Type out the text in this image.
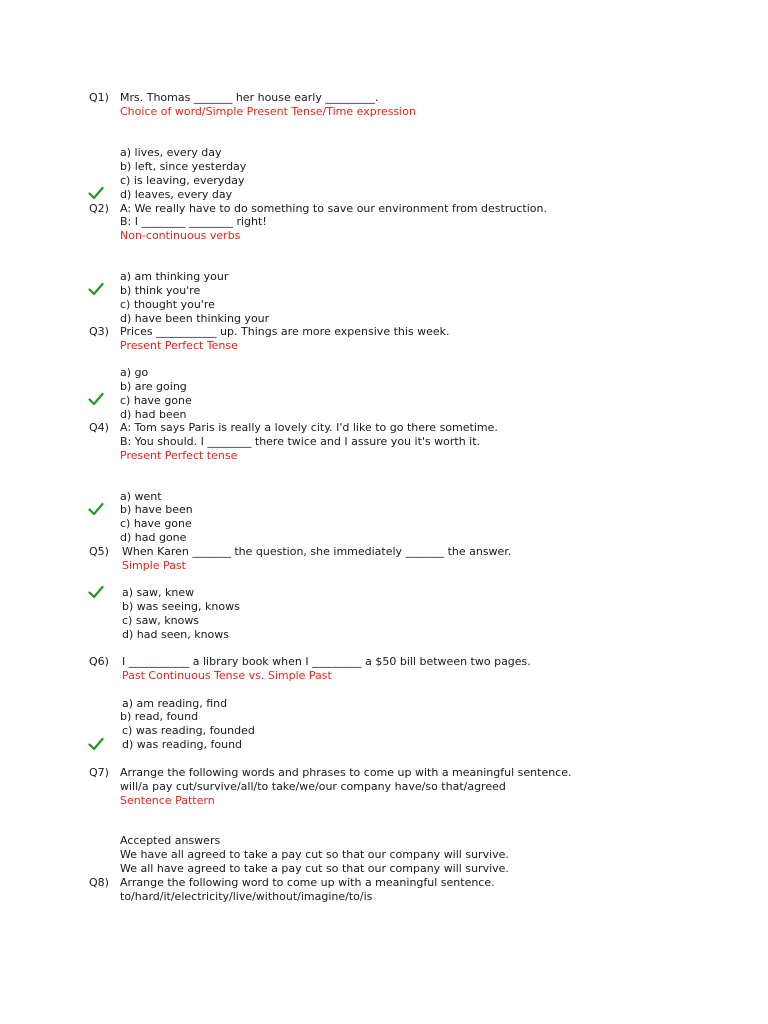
Q1) Mrs. Thomas _______ her house early _________.
Choice of word/Simple Present Tense/Time expression
a) lives, every day
b) left, since yesterday
c) is leaving, everyday
d) leaves, every day
Q2) A: We really have to do something to save our environment from destruction.
B: I ________ ________ right!
Non-continuous verbs
a) am thinking your
b) think you're
c) thought you're
d) have been thinking your
Q3) Prices ___________ up. Things are more expensive this week.
Present Perfect Tense
a) go
b) are going
c) have gone
d) had been
Q4) A: Tom says Paris is really a lovely city. I'd like to go there sometime.
B: You should. I ________ there twice and I assure you it's worth it.
Present Perfect tense
a) went
b) have been
c) have gone
d) had gone
Q5) When Karen _______ the question, she immediately _______ the answer.
Simple Past
a) saw, knew
b) was seeing, knows
c) saw, knows
d) had seen, knows
Q6) I ___________ a library book when I _________ a $50 bill between two pages.
Past Continuous Tense vs. Simple Past
a) am reading, find
b) read, found
c) was reading, founded
d) was reading, found
Q7) Arrange the following words and phrases to come up with a meaningful sentence.
will/a pay cut/survive/all/to take/we/our company have/so that/agreed
Sentence Pattern
Accepted answers
We have all agreed to take a pay cut so that our company will survive.
We all have agreed to take a pay cut so that our company will survive.
Q8) Arrange the following word to come up with a meaningful sentence.
to/hard/it/electricity/live/without/imagine/to/is
